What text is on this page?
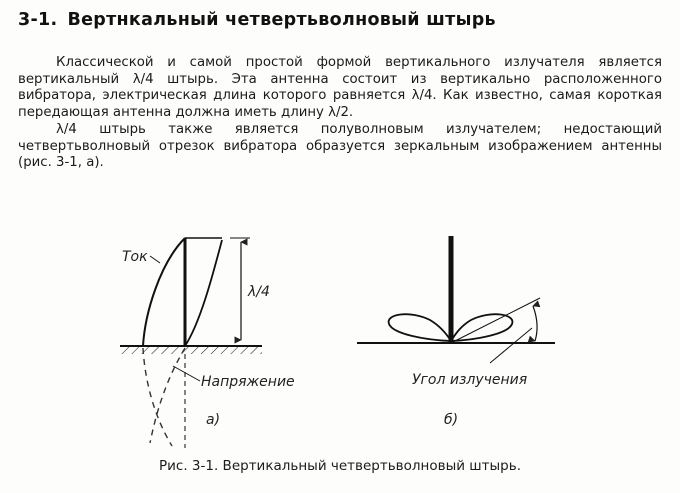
3-1. Вертнкальный четвертьволновый штырь

Классической и самой простой формой вертикального излучателя является вертикальный λ/4 штырь. Эта антенна состоит из вертикально расположенного вибратора, электрическая длина которого равняется λ/4. Как известно, самая короткая передающая антенна должна иметь длину λ/2.

λ/4 штырь также является полуволновым излучателем; недостающий четвертьволновый отрезок вибратора образуется зеркальным изображением антенны (рис. 3-1, а).

λ/4
Ток
Напряжение
а)
Угол излучения
б)
Рис. 3-1. Вертикальный четвертьволновый штырь.
